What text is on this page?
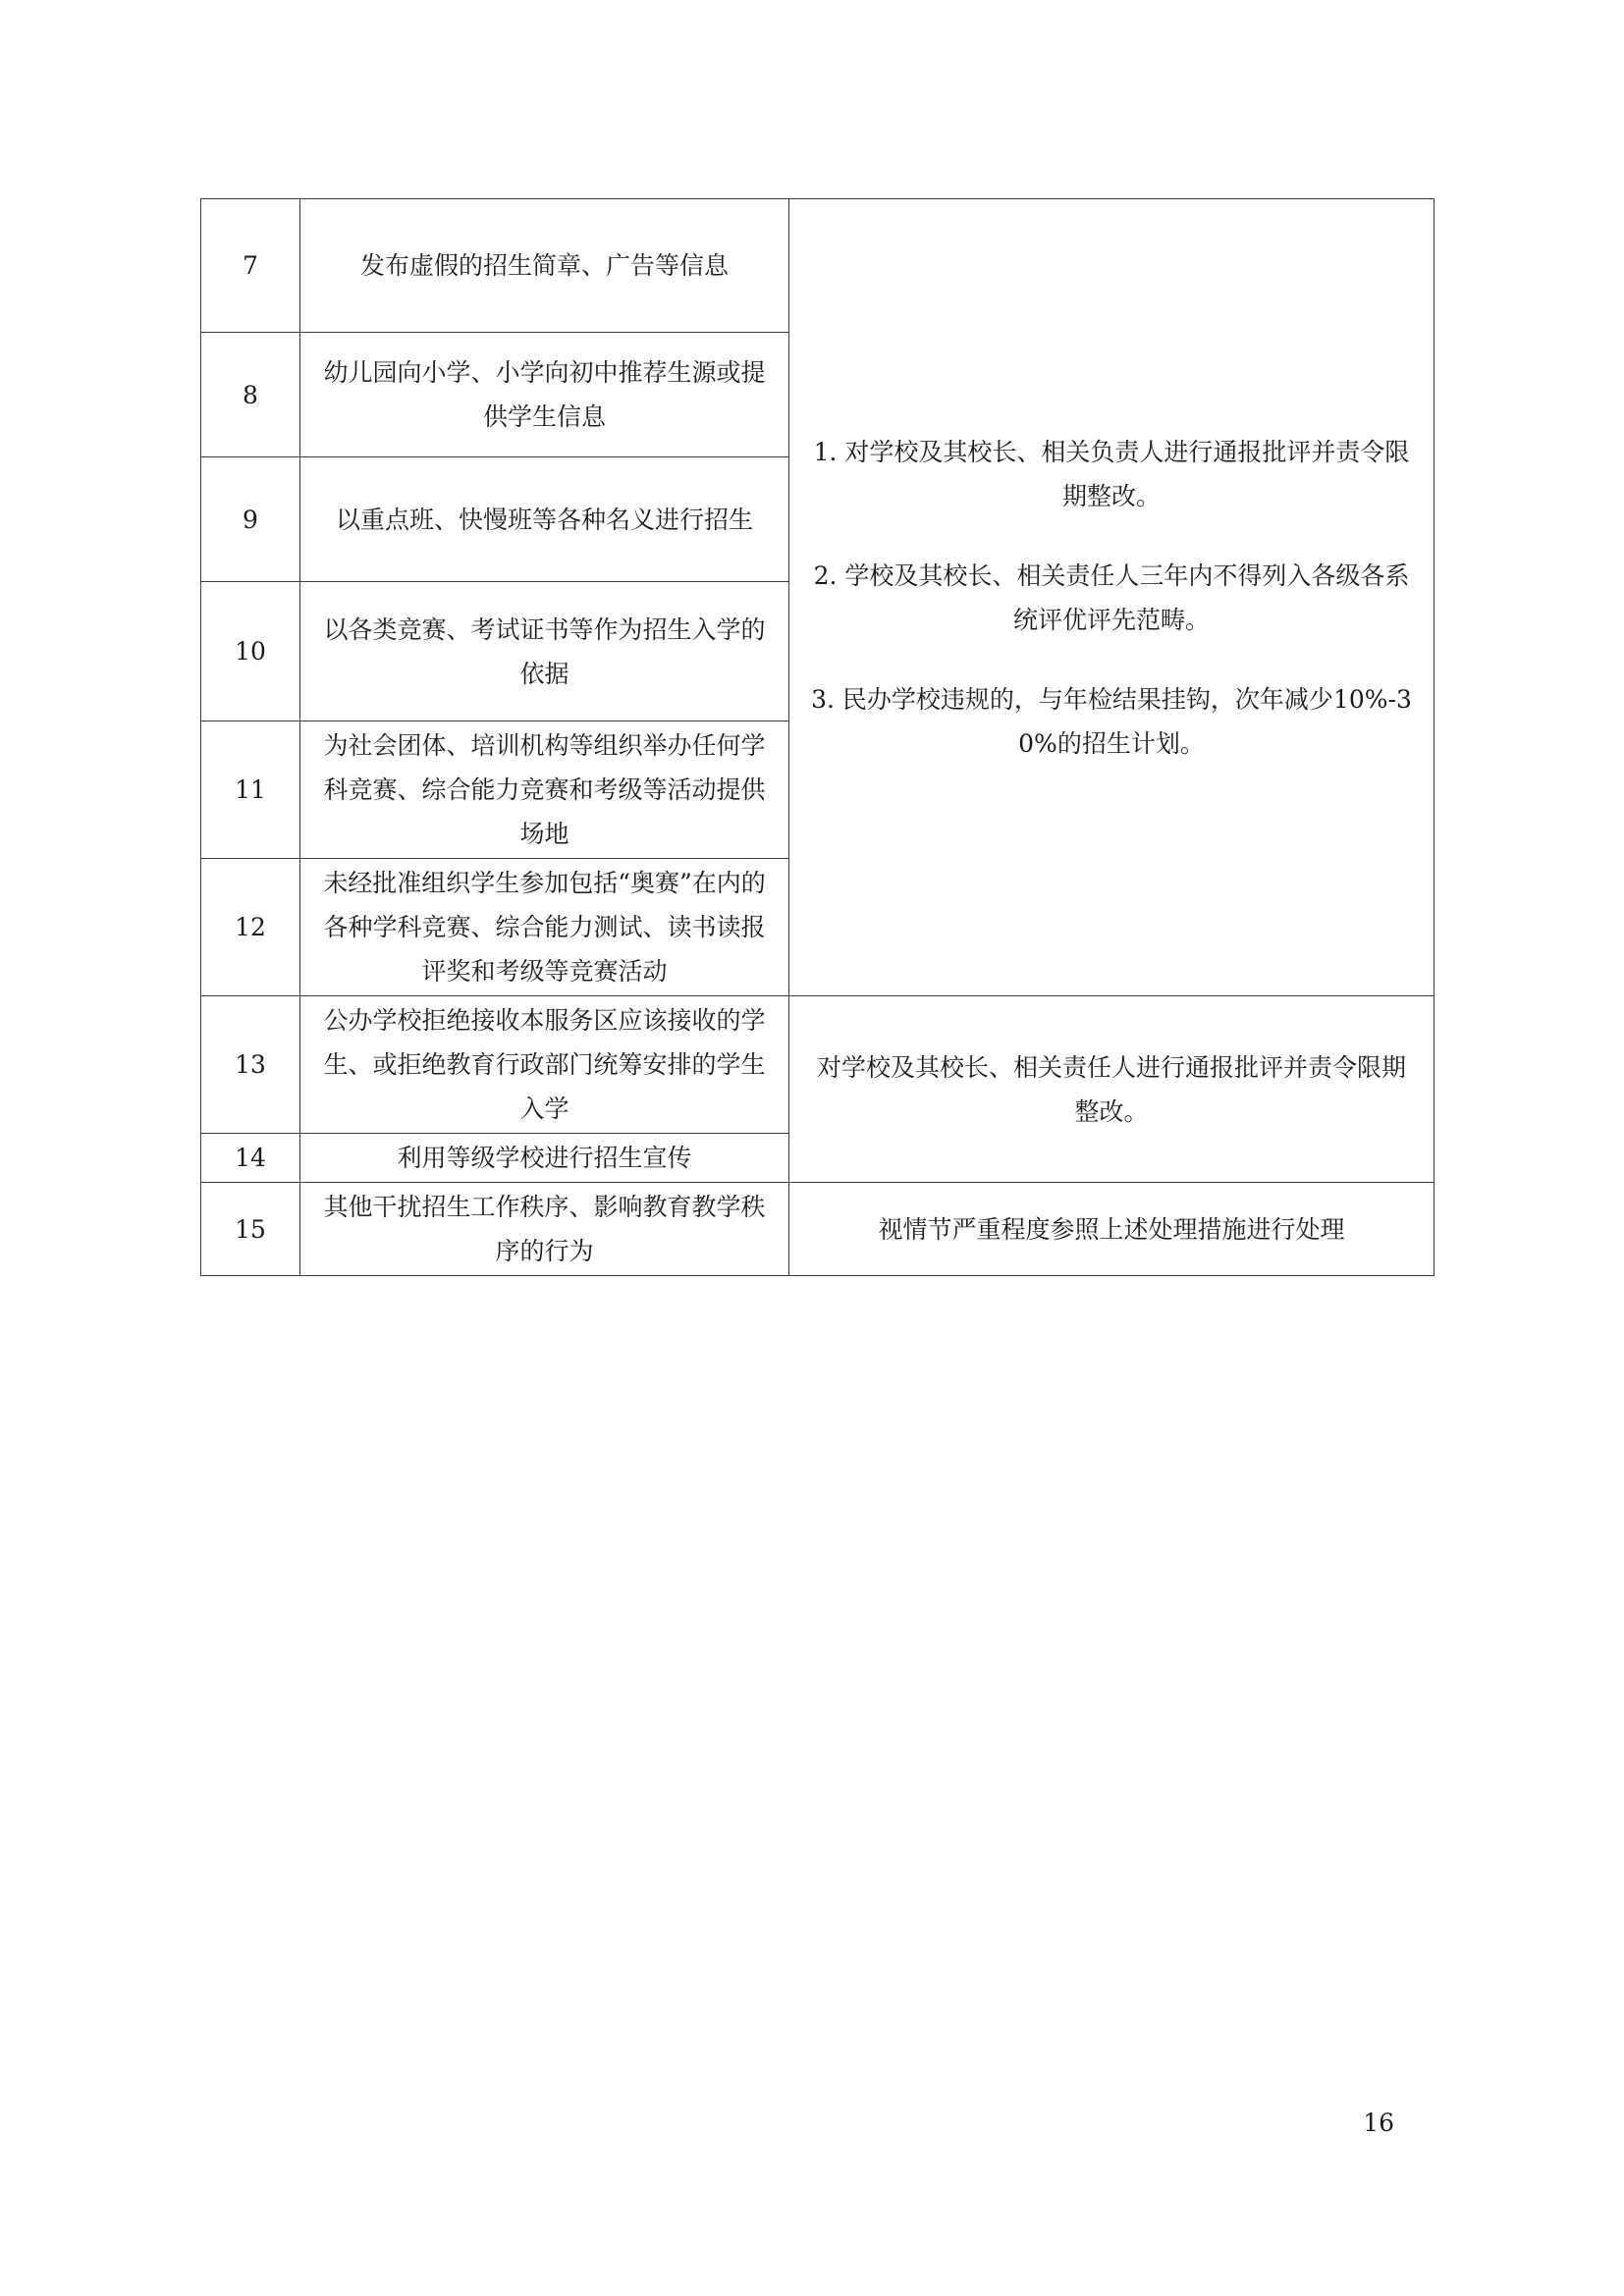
7	发布虚假的招生简章、广告等信息	1. 对学校及其校长、相关负责人进行通报批评并责令限期整改。
2. 学校及其校长、相关责任人三年内不得列入各级各系统评优评先范畴。
3. 民办学校违规的，与年检结果挂钩，次年减少10%-30%的招生计划。

8	幼儿园向小学、小学向初中推荐生源或提供学生信息	
9	以重点班、快慢班等各种名义进行招生	
10	以各类竞赛、考试证书等作为招生入学的依据	
11	为社会团体、培训机构等组织举办任何学科竞赛、综合能力竞赛和考级等活动提供场地	
12	未经批准组织学生参加包括“奥赛”在内的各种学科竞赛、综合能力测试、读书读报评奖和考级等竞赛活动	
13	公办学校拒绝接收本服务区应该接收的学生、或拒绝教育行政部门统筹安排的学生入学	对学校及其校长、相关责任人进行通报批评并责令限期整改。
14	利用等级学校进行招生宣传	
15	其他干扰招生工作秩序、影响教育教学秩序的行为	视情节严重程度参照上述处理措施进行处理
16
